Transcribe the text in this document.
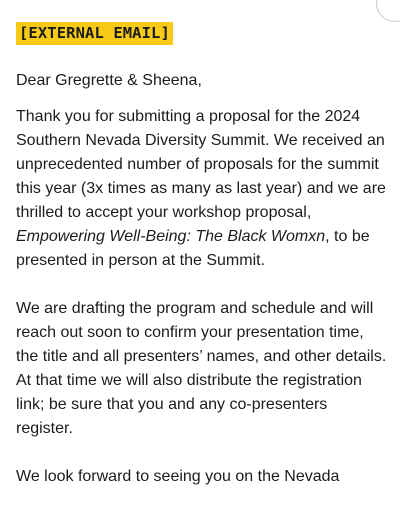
[EXTERNAL EMAIL]

Dear Gregrette & Sheena,

Thank you for submitting a proposal for the 2024 Southern Nevada Diversity Summit. We received an unprecedented number of proposals for the summit this year (3x times as many as last year) and we are thrilled to accept your workshop proposal, Empowering Well-Being: The Black Womxn, to be presented in person at the Summit.

We are drafting the program and schedule and will reach out soon to confirm your presentation time, the title and all presenters’ names, and other details. At that time we will also distribute the registration link; be sure that you and any co-presenters register.

We look forward to seeing you on the Nevada
